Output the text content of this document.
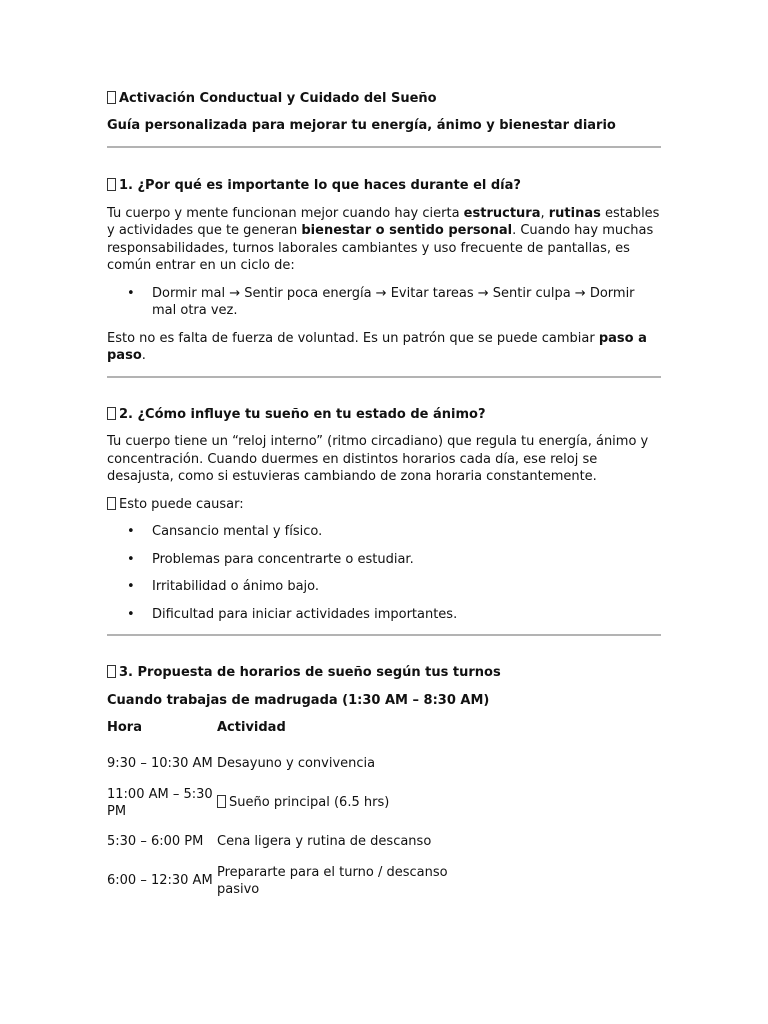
Activación Conductual y Cuidado del Sueño

Guía personalizada para mejorar tu energía, ánimo y bienestar diario

1. ¿Por qué es importante lo que haces durante el día?

Tu cuerpo y mente funcionan mejor cuando hay cierta estructura, rutinas estables y actividades que te generan bienestar o sentido personal. Cuando hay muchas responsabilidades, turnos laborales cambiantes y uso frecuente de pantallas, es común entrar en un ciclo de:

• Dormir mal → Sentir poca energía → Evitar tareas → Sentir culpa → Dormir mal otra vez.

Esto no es falta de fuerza de voluntad. Es un patrón que se puede cambiar paso a paso.

2. ¿Cómo influye tu sueño en tu estado de ánimo?

Tu cuerpo tiene un “reloj interno” (ritmo circadiano) que regula tu energía, ánimo y concentración. Cuando duermes en distintos horarios cada día, ese reloj se desajusta, como si estuvieras cambiando de zona horaria constantemente.

Esto puede causar:

• Cansancio mental y físico.
• Problemas para concentrarte o estudiar.
• Irritabilidad o ánimo bajo.
• Dificultad para iniciar actividades importantes.

3. Propuesta de horarios de sueño según tus turnos

Cuando trabajas de madrugada (1:30 AM – 8:30 AM)

Hora	Actividad
9:30 – 10:30 AM	Desayuno y convivencia
11:00 AM – 5:30 PM	Sueño principal (6.5 hrs)
5:30 – 6:00 PM	Cena ligera y rutina de descanso
6:00 – 12:30 AM	Prepararte para el turno / descanso pasivo
